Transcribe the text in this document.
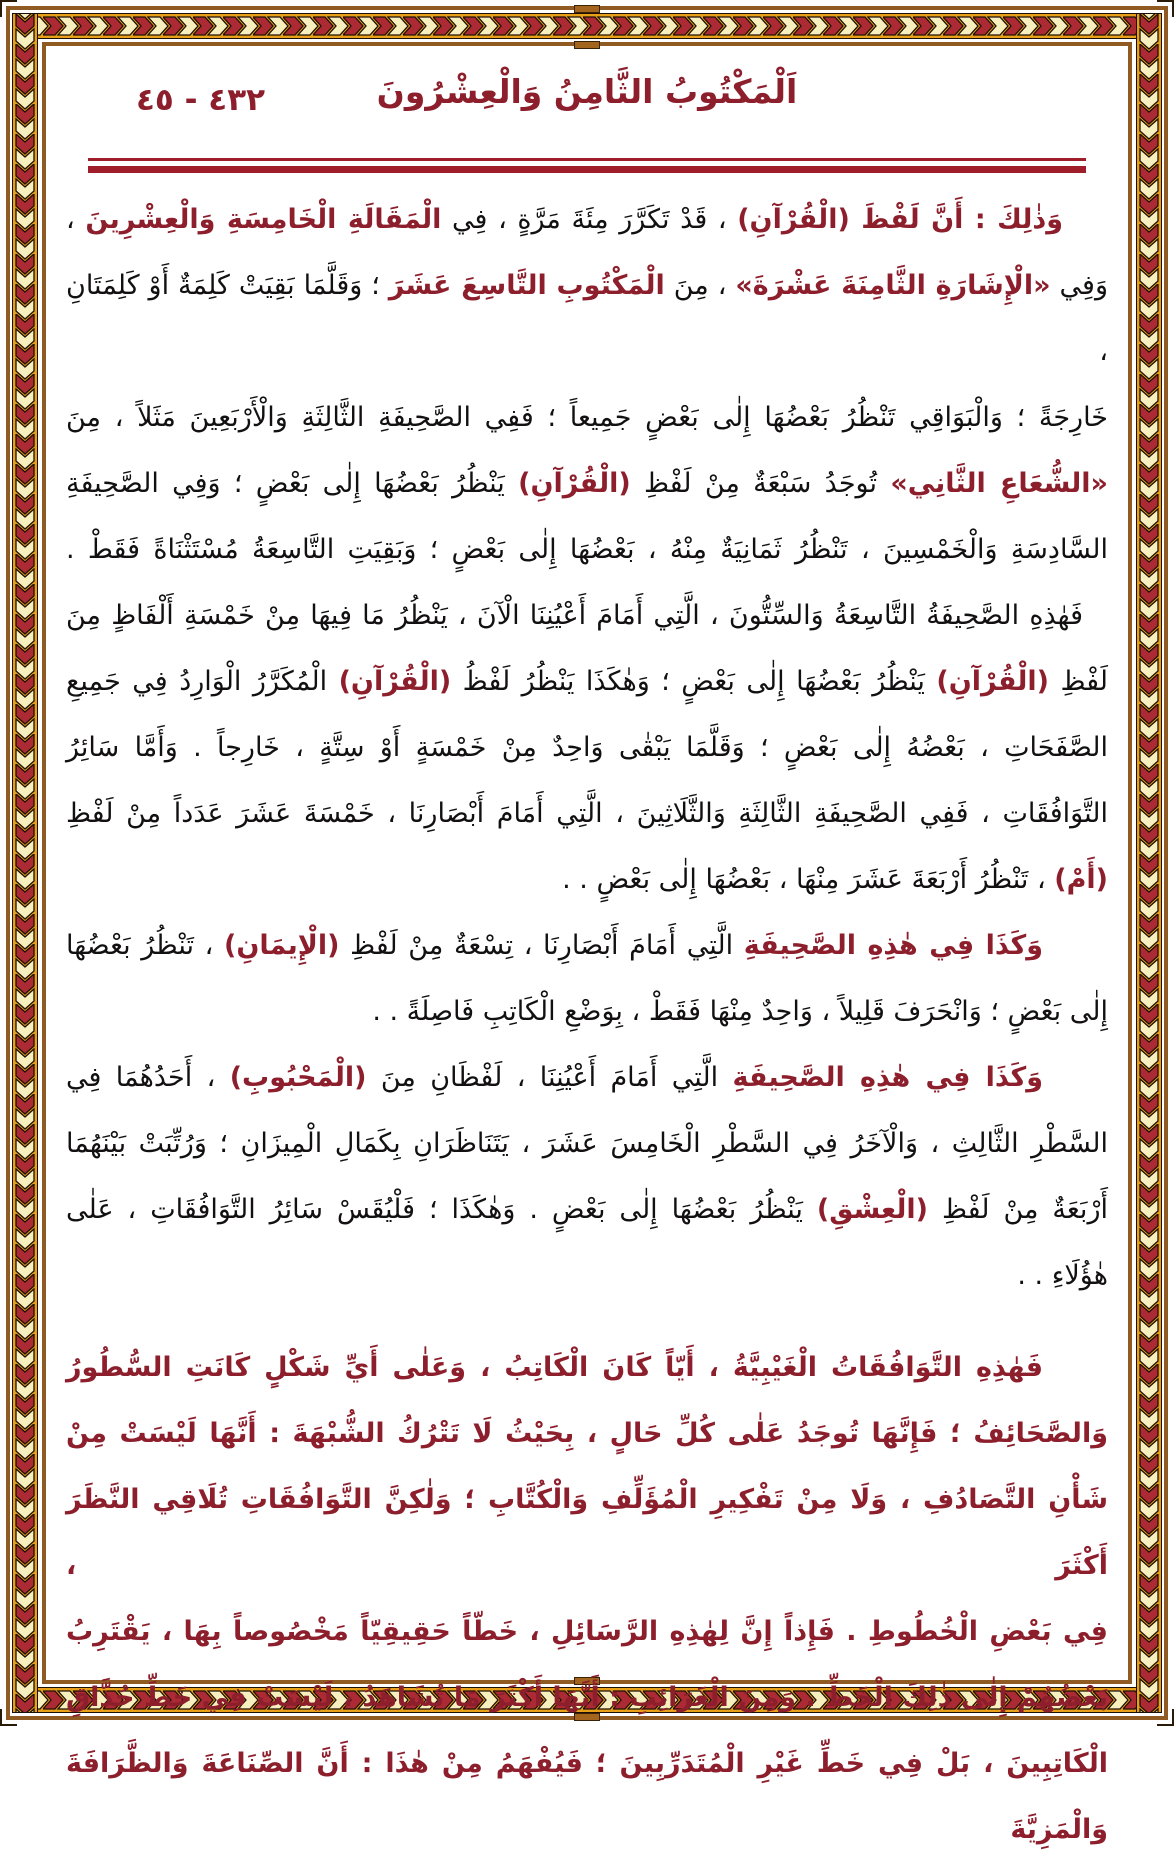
٤٣٢ - ٤٥	اَلْمَكْتُوبُ الثَّامِنُ وَالْعِشْرُونَ
وَذٰلِكَ : أَنَّ لَفْظَ (الْقُرْآنِ) ، قَدْ تَكَرَّرَ مِئَةَ مَرَّةٍ ، فِي الْمَقَالَةِ الْخَامِسَةِ وَالْعِشْرِينَ ،
وَفِي «الْإِشَارَةِ الثَّامِنَةَ عَشْرَةَ» ، مِنَ الْمَكْتُوبِ التَّاسِعَ عَشَرَ ؛ وَقَلَّمَا بَقِيَتْ كَلِمَةٌ أَوْ كَلِمَتَانِ ،
خَارِجَةً ؛ وَالْبَوَاقِي تَنْظُرُ بَعْضُهَا إِلٰى بَعْضٍ جَمِيعاً ؛ فَفِي الصَّحِيفَةِ الثَّالِثَةِ وَالْأَرْبَعِينَ مَثَلاً ، مِنَ
«الشُّعَاعِ الثَّانِي» تُوجَدُ سَبْعَةٌ مِنْ لَفْظِ (الْقُرْآنِ) يَنْظُرُ بَعْضُهَا إِلٰى بَعْضٍ ؛ وَفِي الصَّحِيفَةِ
السَّادِسَةِ وَالْخَمْسِينَ ، تَنْظُرُ ثَمَانِيَةٌ مِنْهُ ، بَعْضُهَا إِلٰى بَعْضٍ ؛ وَبَقِيَتِ التَّاسِعَةُ مُسْتَثْنَاةً فَقَطْ .
فَهٰذِهِ الصَّحِيفَةُ التَّاسِعَةُ وَالسِّتُّونَ ، الَّتِي أَمَامَ أَعْيُنِنَا الْآنَ ، يَنْظُرُ مَا فِيهَا مِنْ خَمْسَةِ أَلْفَاظٍ مِنَ
لَفْظِ (الْقُرْآنِ) يَنْظُرُ بَعْضُهَا إِلٰى بَعْضٍ ؛ وَهٰكَذَا يَنْظُرُ لَفْظُ (الْقُرْآنِ) الْمُكَرَّرُ الْوَارِدُ فِي جَمِيعِ
الصَّفَحَاتِ ، بَعْضُهُ إِلٰى بَعْضٍ ؛ وَقَلَّمَا يَبْقٰى وَاحِدٌ مِنْ خَمْسَةٍ أَوْ سِتَّةٍ ، خَارِجاً . وَأَمَّا سَائِرُ
التَّوَافُقَاتِ ، فَفِي الصَّحِيفَةِ الثَّالِثَةِ وَالثَّلَاثِينَ ، الَّتِي أَمَامَ أَبْصَارِنَا ، خَمْسَةَ عَشَرَ عَدَداً مِنْ لَفْظِ
(أَمْ) ، تَنْظُرُ أَرْبَعَةَ عَشَرَ مِنْهَا ، بَعْضُهَا إِلٰى بَعْضٍ . .
وَكَذَا فِي هٰذِهِ الصَّحِيفَةِ الَّتِي أَمَامَ أَبْصَارِنَا ، تِسْعَةٌ مِنْ لَفْظِ (الْإِيمَانِ) ، تَنْظُرُ بَعْضُهَا
إِلٰى بَعْضٍ ؛ وَانْحَرَفَ قَلِيلاً ، وَاحِدٌ مِنْهَا فَقَطْ ، بِوَضْعِ الْكَاتِبِ فَاصِلَةً . .
وَكَذَا فِي هٰذِهِ الصَّحِيفَةِ الَّتِي أَمَامَ أَعْيُنِنَا ، لَفْظَانِ مِنَ (الْمَحْبُوبِ) ، أَحَدُهُمَا فِي
السَّطْرِ الثَّالِثِ ، وَالْآخَرُ فِي السَّطْرِ الْخَامِسَ عَشَرَ ، يَتَنَاظَرَانِ بِكَمَالِ الْمِيزَانِ ؛ وَرُتِّبَتْ بَيْنَهُمَا
أَرْبَعَةٌ مِنْ لَفْظِ (الْعِشْقِ) يَنْظُرُ بَعْضُهَا إِلٰى بَعْضٍ . وَهٰكَذَا ؛ فَلْيُقَسْ سَائِرُ التَّوَافُقَاتِ ، عَلٰى
هٰؤُلَاءِ . .
فَهٰذِهِ التَّوَافُقَاتُ الْغَيْبِيَّةُ ، أَيّاً كَانَ الْكَاتِبُ ، وَعَلٰى أَيِّ شَكْلٍ كَانَتِ السُّطُورُ
وَالصَّحَائِفُ ؛ فَإِنَّهَا تُوجَدُ عَلٰى كُلِّ حَالٍ ، بِحَيْثُ لَا تَتْرُكُ الشُّبْهَةَ : أَنَّهَا لَيْسَتْ مِنْ
شَأْنِ التَّصَادُفِ ، وَلَا مِنْ تَفْكِيرِ الْمُؤَلِّفِ وَالْكُتَّابِ ؛ وَلٰكِنَّ التَّوَافُقَاتِ تُلَاقِي النَّظَرَ أَكْثَرَ ،
فِي بَعْضِ الْخُطُوطِ . فَإِذاً إِنَّ لِهٰذِهِ الرَّسَائِلِ ، خَطّاً حَقِيقِيّاً مَخْصُوصاً بِهَا ، يَقْتَرِبُ
بَعْضُهُمْ إِلٰى ذٰلِكَ الْخَطِّ . وَمِنَ الْغَرَائِبِ : أَنَّهَا أَكْثَرَ مَا تُشَاهَدُ ، لَيْسَتْ فِي خَطِّ حُذَّاقِ
الْكَاتِبِينَ ، بَلْ فِي خَطِّ غَيْرِ الْمُتَدَرِّبِينَ ؛ فَيُفْهَمُ مِنْ هٰذَا : أَنَّ الصِّنَاعَةَ وَالظَّرَافَةَ وَالْمَزِيَّةَ
